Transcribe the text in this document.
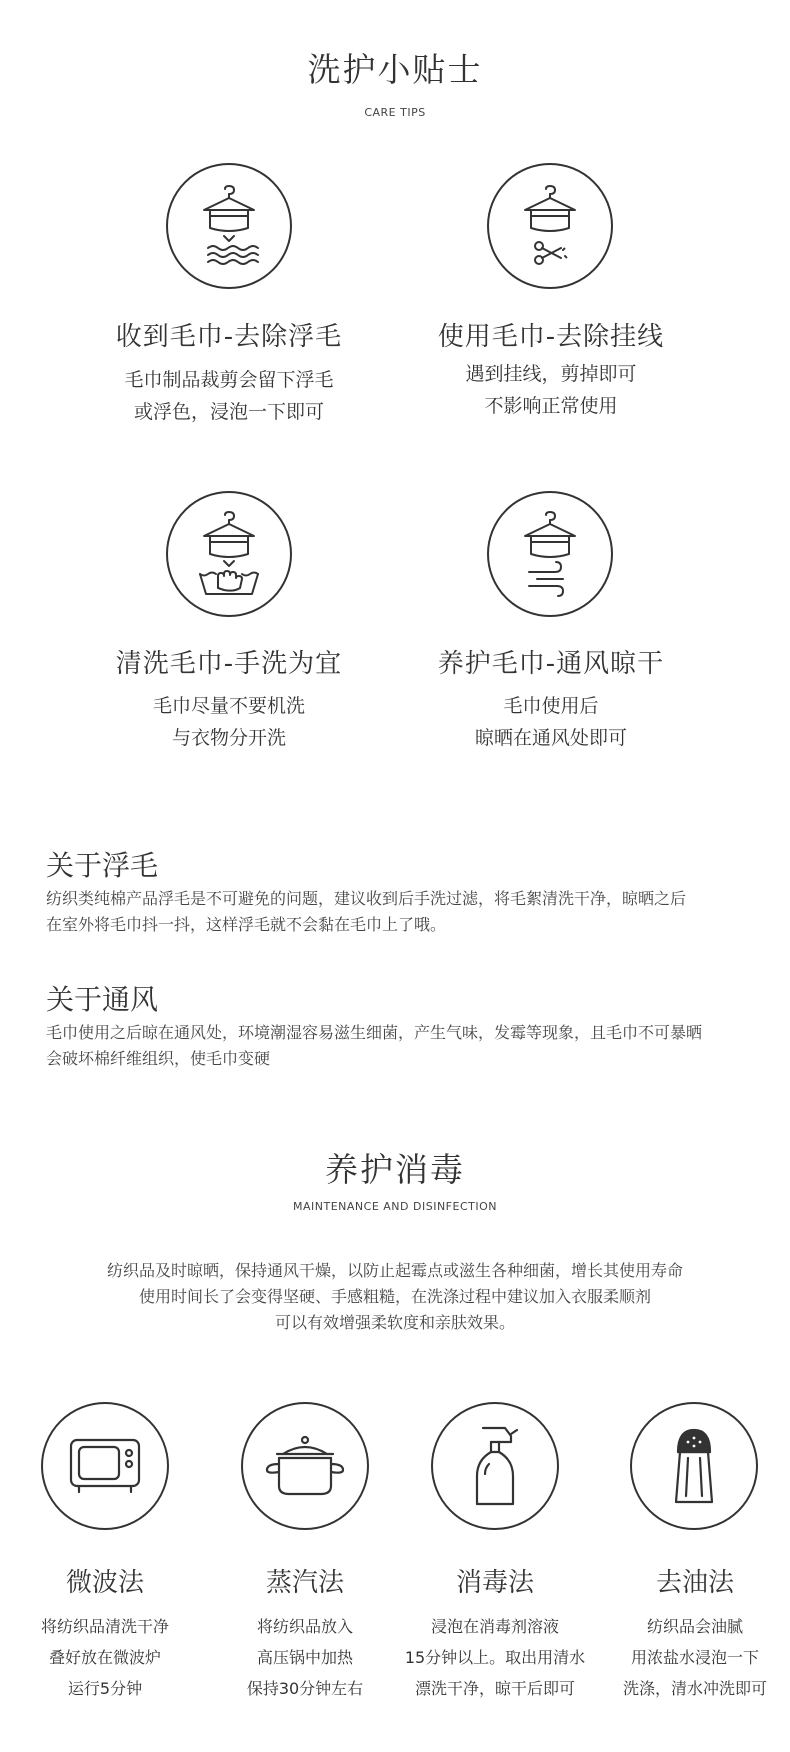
洗护小贴士
CARE TIPS
收到毛巾-去除浮毛
毛巾制品裁剪会留下浮毛
或浮色，浸泡一下即可
使用毛巾-去除挂线
遇到挂线，剪掉即可
不影响正常使用
清洗毛巾-手洗为宜
毛巾尽量不要机洗
与衣物分开洗
养护毛巾-通风晾干
毛巾使用后
晾晒在通风处即可
关于浮毛
纺织类纯棉产品浮毛是不可避免的问题，建议收到后手洗过滤，将毛絮清洗干净，晾晒之后
在室外将毛巾抖一抖，这样浮毛就不会黏在毛巾上了哦。
关于通风
毛巾使用之后晾在通风处，环境潮湿容易滋生细菌，产生气味，发霉等现象，且毛巾不可暴晒
会破坏棉纤维组织，使毛巾变硬
养护消毒
MAINTENANCE AND DISINFECTION
纺织品及时晾晒，保持通风干燥，以防止起霉点或滋生各种细菌，增长其使用寿命
使用时间长了会变得坚硬、手感粗糙，在洗涤过程中建议加入衣服柔顺剂
可以有效增强柔软度和亲肤效果。
微波法
将纺织品清洗干净
叠好放在微波炉
运行5分钟
蒸汽法
将纺织品放入
高压锅中加热
保持30分钟左右
消毒法
浸泡在消毒剂溶液
15分钟以上。取出用清水
漂洗干净，晾干后即可
去油法
纺织品会油腻
用浓盐水浸泡一下
洗涤，清水冲洗即可
